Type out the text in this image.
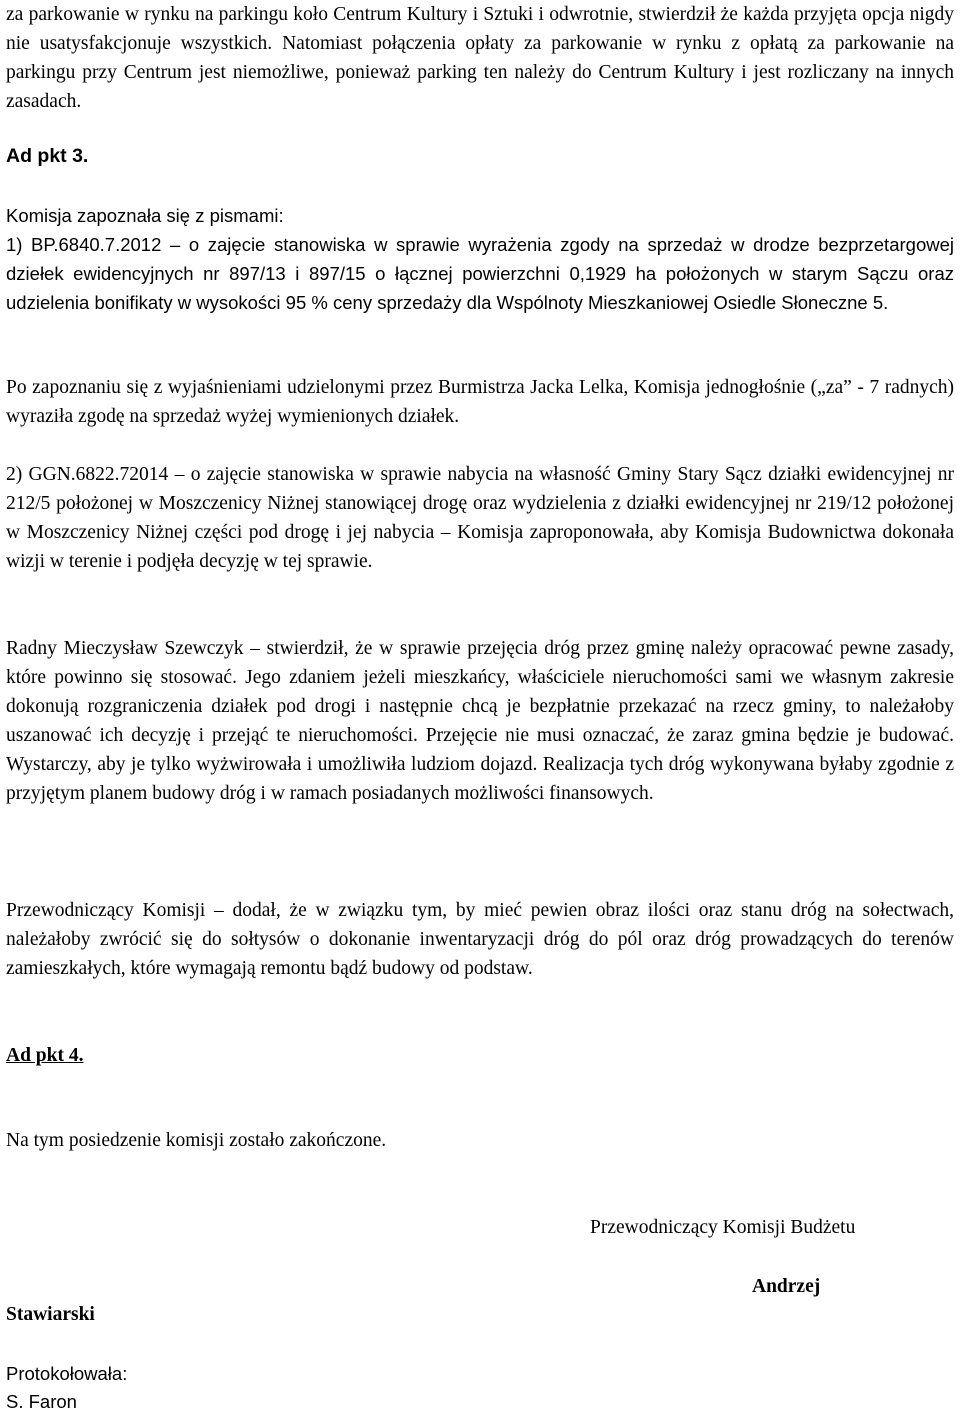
za parkowanie w rynku na parkingu koło Centrum Kultury i Sztuki i odwrotnie, stwierdził że każda przyjęta opcja nigdy nie usatysfakcjonuje wszystkich. Natomiast połączenia opłaty za parkowanie w rynku z opłatą za parkowanie na parkingu przy Centrum jest niemożliwe, ponieważ parking ten należy do Centrum Kultury i jest rozliczany na innych zasadach.

Ad pkt 3.

Komisja zapoznała się z pismami:

1) BP.6840.7.2012 – o zajęcie stanowiska w sprawie wyrażenia zgody na sprzedaż w drodze bezprzetargowej dziełek ewidencyjnych nr 897/13 i 897/15 o łącznej powierzchni 0,1929 ha położonych w starym Sączu oraz udzielenia bonifikaty w wysokości 95 % ceny sprzedaży dla Wspólnoty Mieszkaniowej Osiedle Słoneczne 5.

Po zapoznaniu się z wyjaśnieniami udzielonymi przez Burmistrza Jacka Lelka, Komisja jednogłośnie („za” - 7 radnych) wyraziła zgodę na sprzedaż wyżej wymienionych działek.

2) GGN.6822.72014 – o zajęcie stanowiska w sprawie nabycia na własność Gminy Stary Sącz działki ewidencyjnej nr 212/5 położonej w Moszczenicy Niżnej stanowiącej drogę oraz wydzielenia z działki ewidencyjnej nr 219/12 położonej w Moszczenicy Niżnej części pod drogę i jej nabycia – Komisja zaproponowała, aby Komisja Budownictwa dokonała wizji w terenie i podjęła decyzję w tej sprawie.

Radny Mieczysław Szewczyk – stwierdził, że w sprawie przejęcia dróg przez gminę należy opracować pewne zasady, które powinno się stosować. Jego zdaniem jeżeli mieszkańcy, właściciele nieruchomości sami we własnym zakresie dokonują rozgraniczenia działek pod drogi i następnie chcą je bezpłatnie przekazać na rzecz gminy, to należałoby uszanować ich decyzję i przejąć te nieruchomości. Przejęcie nie musi oznaczać, że zaraz gmina będzie je budować. Wystarczy, aby je tylko wyżwirowała i umożliwiła ludziom dojazd. Realizacja tych dróg wykonywana byłaby zgodnie z przyjętym planem budowy dróg i w ramach posiadanych możliwości finansowych.

Przewodniczący Komisji – dodał, że w związku tym, by mieć pewien obraz ilości oraz stanu dróg na sołectwach, należałoby zwrócić się do sołtysów o dokonanie inwentaryzacji dróg do pól oraz dróg prowadzących do terenów zamieszkałych, które wymagają remontu bądź budowy od podstaw.

Ad pkt 4.

Na tym posiedzenie komisji zostało zakończone.

Przewodniczący Komisji Budżetu

Andrzej

Stawiarski

Protokołowała:

S. Faron
